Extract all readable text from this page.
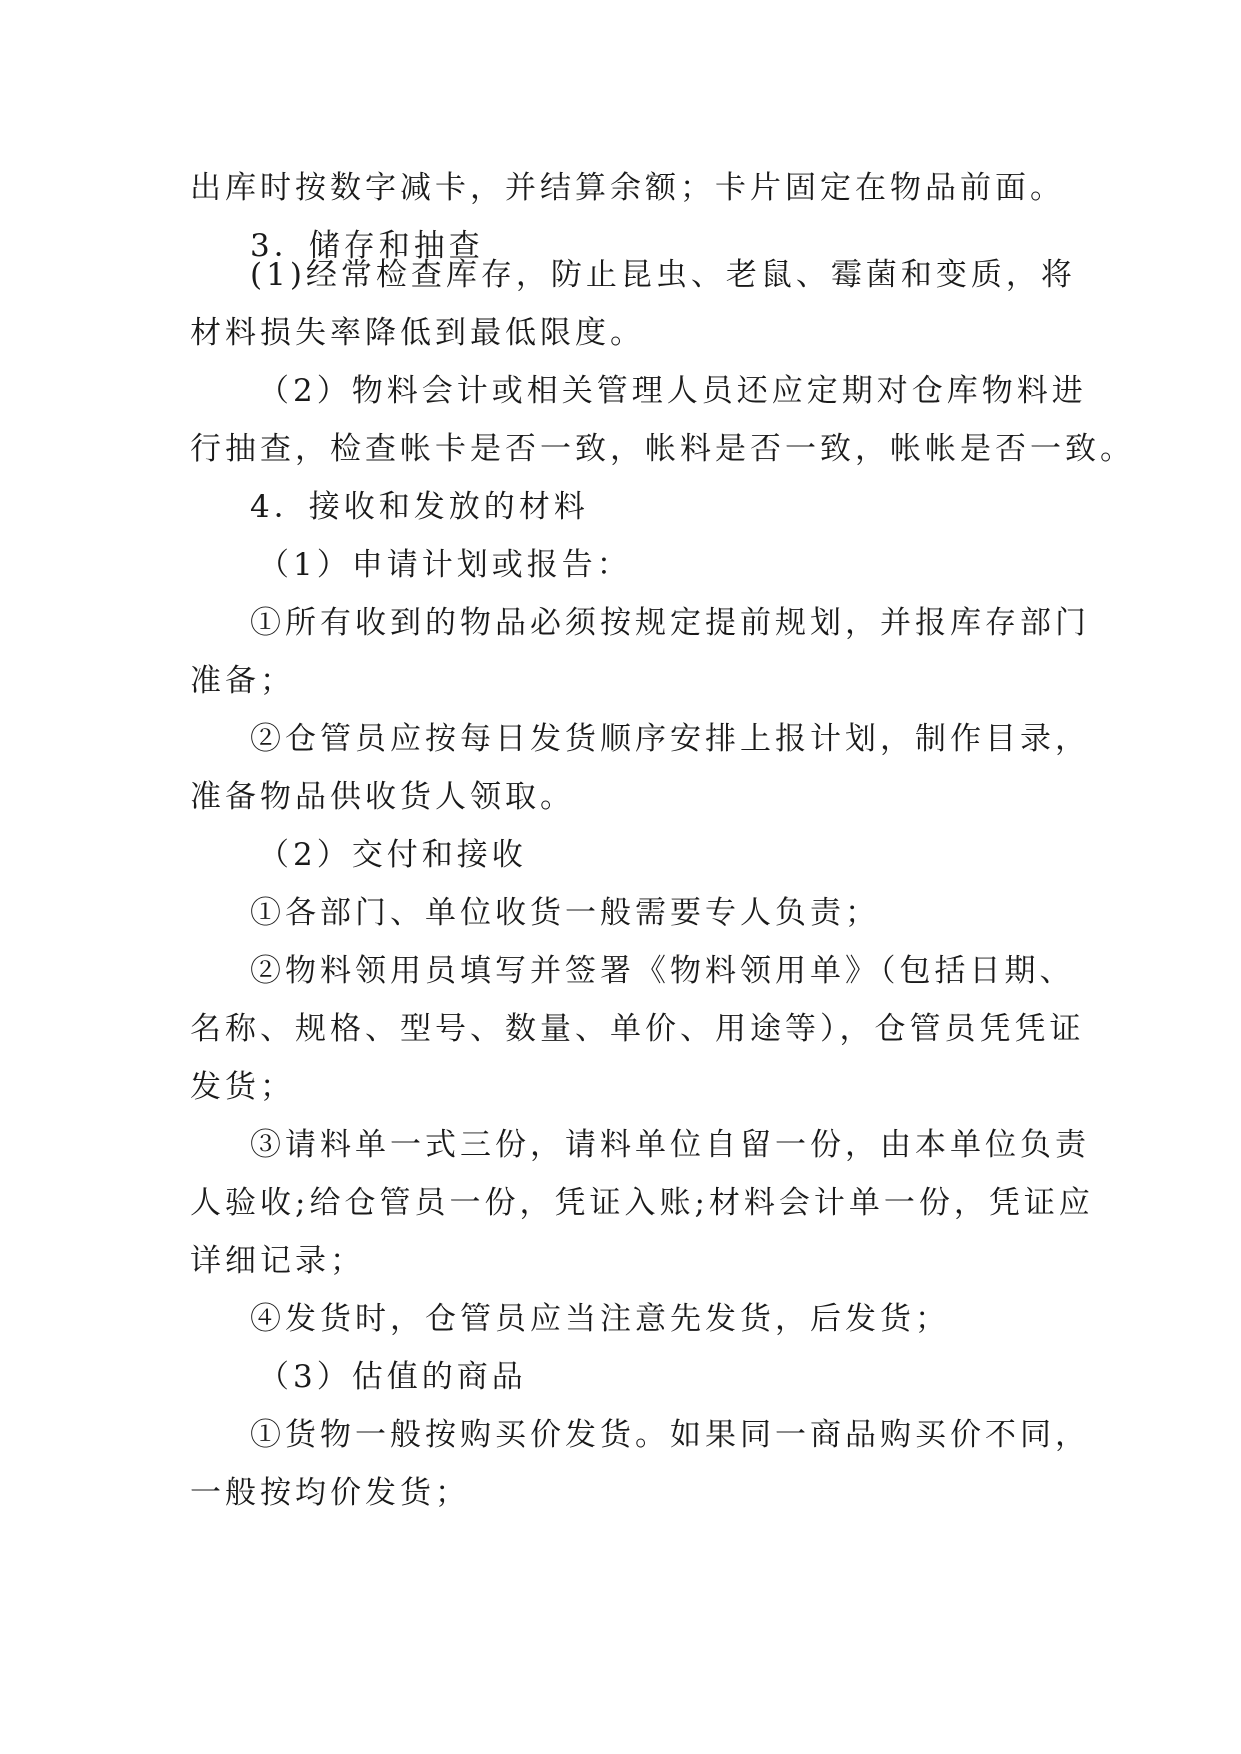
出库时按数字减卡，并结算余额；卡片固定在物品前面。

3．储存和抽查

(1)经常检查库存，防止昆虫、老鼠、霉菌和变质，将

材料损失率降低到最低限度。

（2）物料会计或相关管理人员还应定期对仓库物料进

行抽查，检查帐卡是否一致，帐料是否一致，帐帐是否一致。

4．接收和发放的材料

（1）申请计划或报告：

①所有收到的物品必须按规定提前规划，并报库存部门

准备；

②仓管员应按每日发货顺序安排上报计划，制作目录，

准备物品供收货人领取。

（2）交付和接收

①各部门、单位收货一般需要专人负责；

②物料领用员填写并签署《物料领用单》（包括日期、

名称、规格、型号、数量、单价、用途等），仓管员凭凭证

发货；

③请料单一式三份，请料单位自留一份，由本单位负责

人验收;给仓管员一份，凭证入账;材料会计单一份，凭证应

详细记录；

④发货时，仓管员应当注意先发货，后发货；

（3）估值的商品

①货物一般按购买价发货。如果同一商品购买价不同，

一般按均价发货；
